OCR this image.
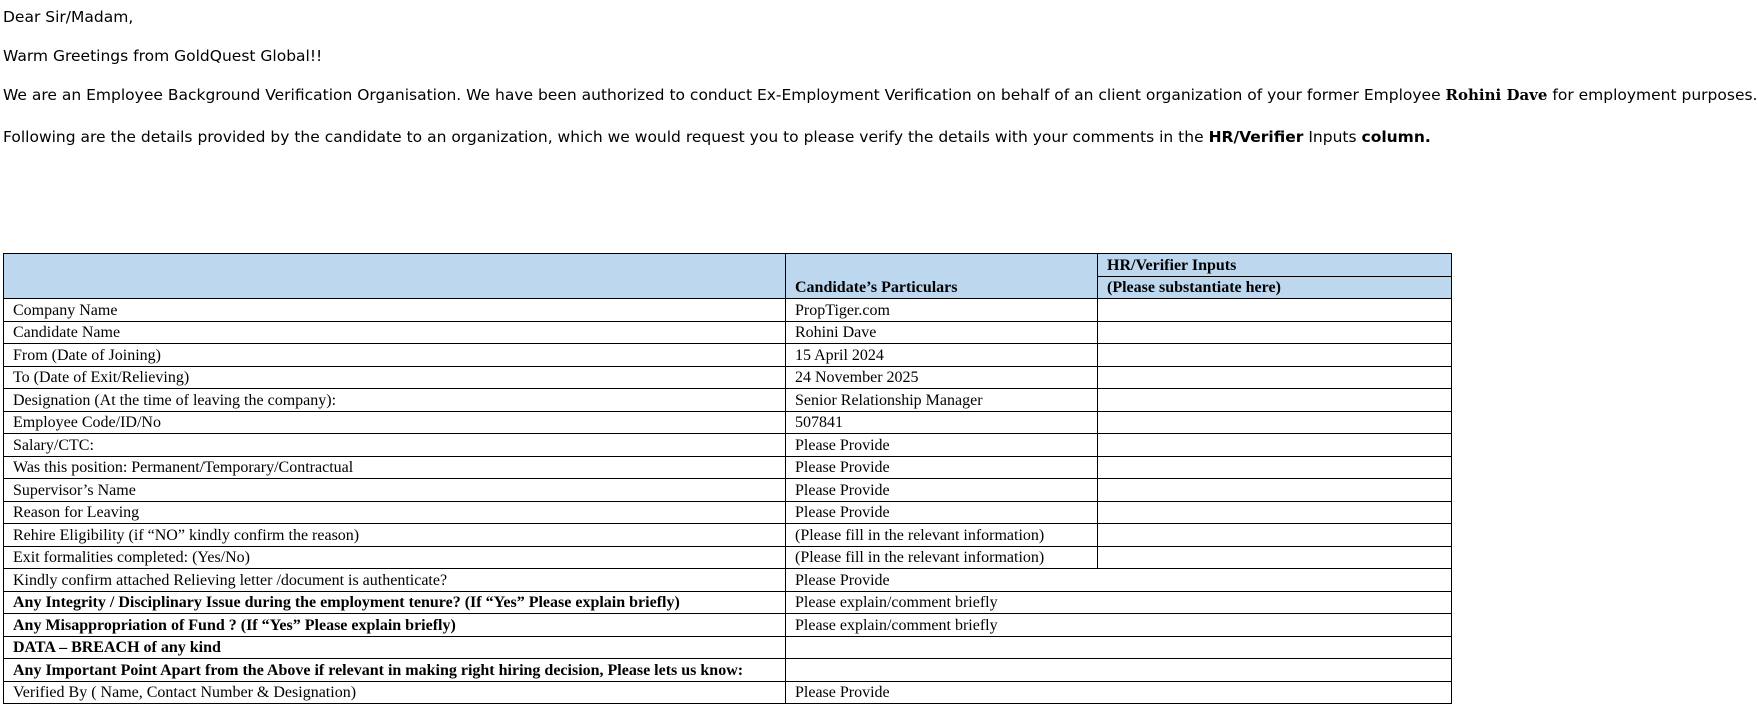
Dear Sir/Madam,

Warm Greetings from GoldQuest Global!!

We are an Employee Background Verification Organisation. We have been authorized to conduct Ex-Employment Verification on behalf of an client organization of your former Employee Rohini Dave for employment purposes.

Following are the details provided by the candidate to an organization, which we would request you to please verify the details with your comments in the HR/Verifier Inputs column.

	Candidate’s Particulars	HR/Verifier Inputs
		(Please substantiate here)
Company Name	PropTiger.com	
Candidate Name	Rohini Dave	
From (Date of Joining)	15 April 2024	
To (Date of Exit/Relieving)	24 November 2025	
Designation (At the time of leaving the company):	Senior Relationship Manager	
Employee Code/ID/No	507841	
Salary/CTC:	Please Provide	
Was this position: Permanent/Temporary/Contractual	Please Provide	
Supervisor’s Name	Please Provide	
Reason for Leaving	Please Provide	
Rehire Eligibility (if “NO” kindly confirm the reason)	(Please fill in the relevant information)	
Exit formalities completed: (Yes/No)	(Please fill in the relevant information)	
Kindly confirm attached Relieving letter /document is authenticate?	Please Provide	
Any Integrity / Disciplinary Issue during the employment tenure? (If “Yes” Please explain briefly)	Please explain/comment briefly	
Any Misappropriation of Fund ? (If “Yes” Please explain briefly)	Please explain/comment briefly	
DATA – BREACH of any kind		
Any Important Point Apart from the Above if relevant in making right hiring decision, Please lets us know:		
Verified By ( Name, Contact Number & Designation)	Please Provide	
